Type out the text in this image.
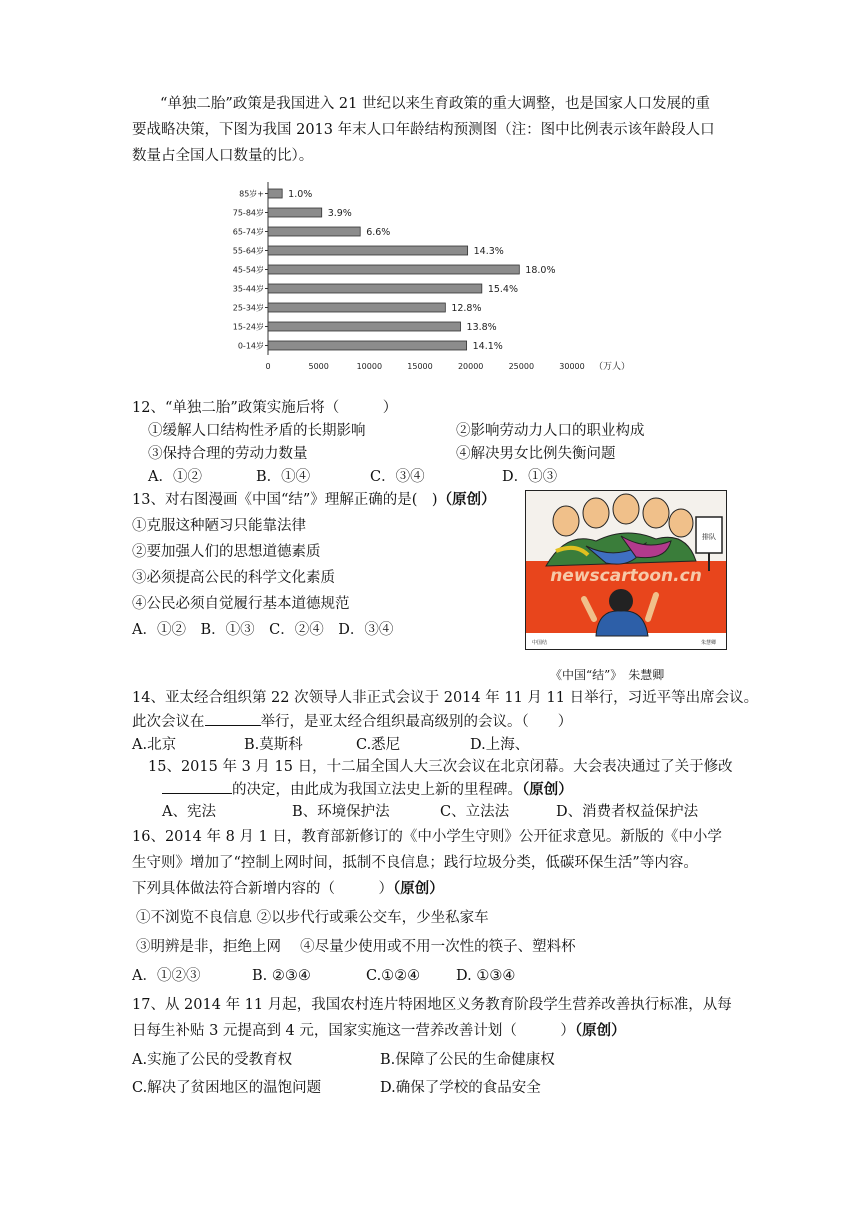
“单独二胎”政策是我国进入 21 世纪以来生育政策的重大调整，也是国家人口发展的重
要战略决策，下图为我国 2013 年末人口年龄结构预测图（注：图中比例表示该年龄段人口
数量占全国人口数量的比）。
85岁+	1.0%
75-84岁	3.9%
65-74岁	6.6%
55-64岁	14.3%
45-54岁	18.0%
35-44岁	15.4%
25-34岁	12.8%
15-24岁	13.8%
0-14岁	14.1%
0	5000	10000	15000	20000	25000	30000 （万人）
12、“单独二胎”政策实施后将（　　　）
①缓解人口结构性矛盾的长期影响	②影响劳动力人口的职业构成
③保持合理的劳动力数量	④解决男女比例失衡问题
A．①②	B．①④	C．③④	D．①③
13、对右图漫画《中国“结”》理解正确的是(　)（原创）
①克服这种陋习只能靠法律
②要加强人们的思想道德素质
③必须提高公民的科学文化素质
④公民必须自觉履行基本道德规范
A．①②　B．①③　C．②④　D．③④
排队
newscartoon.cn
中国结	朱慧卿
《中国“结”》　朱慧卿
14、亚太经合组织第 22 次领导人非正式会议于 2014 年 11 月 11 日举行，习近平等出席会议。
此次会议在	举行，是亚太经合组织最高级别的会议。（　　）
A.北京	B.莫斯科	C.悉尼	D.上海、
15、2015 年 3 月 15 日，十二届全国人大三次会议在北京闭幕。大会表决通过了关于修改
的决定，由此成为我国立法史上新的里程碑。（原创）
A、宪法	B、环境保护法	C、立法法	D、消费者权益保护法
16、2014 年 8 月 1 日，教育部新修订的《中小学生守则》公开征求意见。新版的《中小学
生守则》增加了“控制上网时间，抵制不良信息；践行垃圾分类，低碳环保生活”等内容。
下列具体做法符合新增内容的（　　　）（原创）
①不浏览不良信息 ②以步代行或乘公交车，少坐私家车
③明辨是非，拒绝上网　 ④尽量少使用或不用一次性的筷子、塑料杯
A．①②③	B. ②③④	C.①②④ D. ①③④
17、从 2014 年 11 月起，我国农村连片特困地区义务教育阶段学生营养改善执行标准，从每
日每生补贴 3 元提高到 4 元，国家实施这一营养改善计划（　　　）（原创）
A.实施了公民的受教育权	B.保障了公民的生命健康权
C.解决了贫困地区的温饱问题	D.确保了学校的食品安全
